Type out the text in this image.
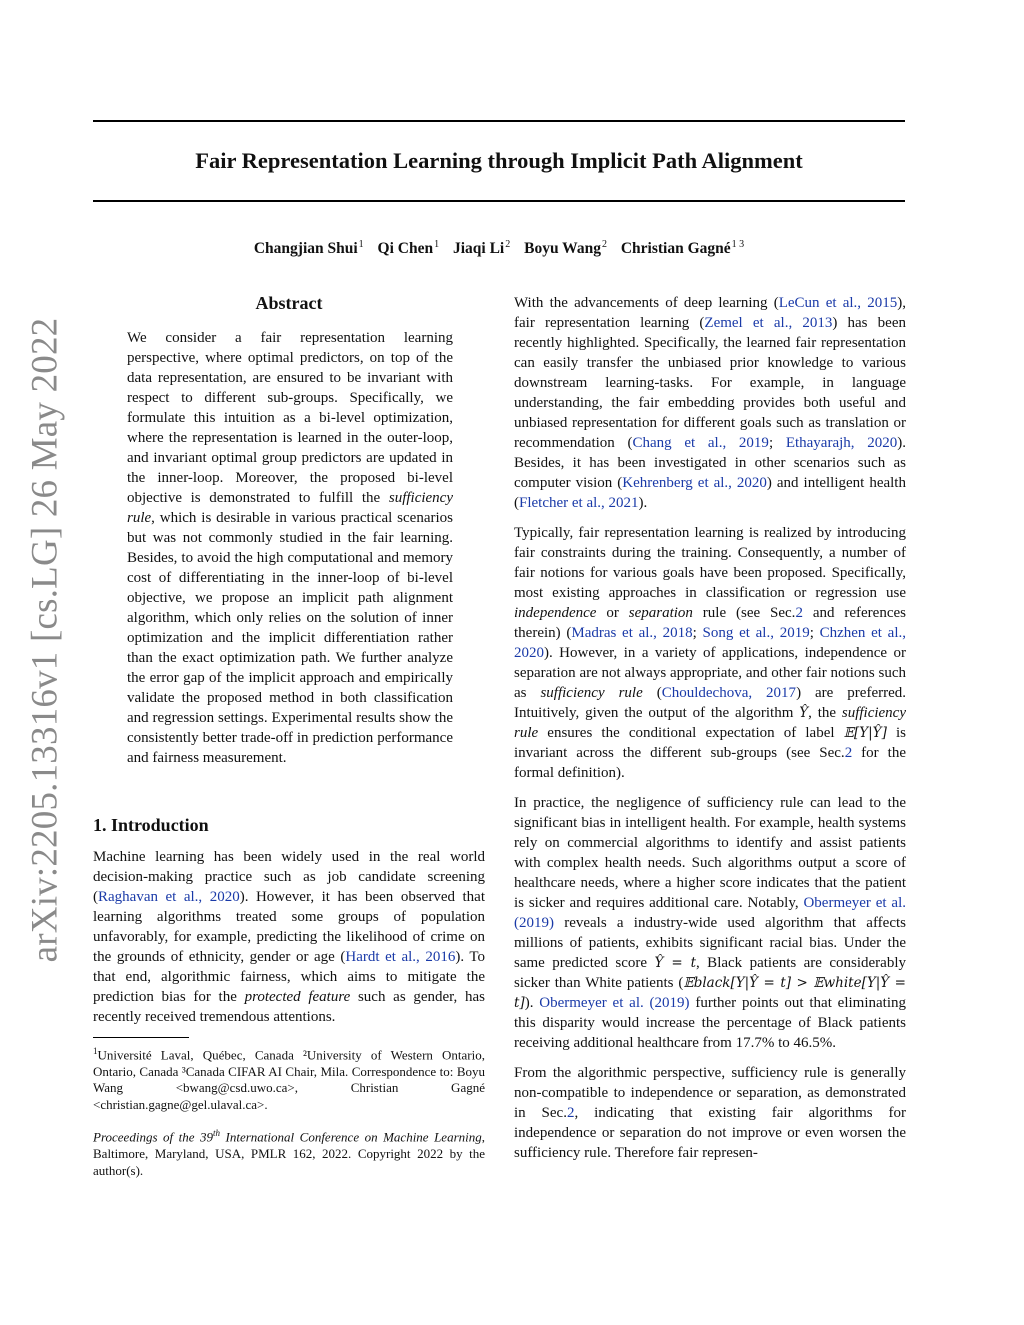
Fair Representation Learning through Implicit Path Alignment
Changjian Shui$^1$ Qi Chen$^1$ Jiaqi Li$^2$ Boyu Wang$^2$ Christian Gagné$^{1 3}$
arXiv:2205.13316v1 [cs.LG] 26 May 2022
Abstract

We consider a fair representation learning perspective, where optimal predictors, on top of the data representation, are ensured to be invariant with respect to different sub-groups. Specifically, we formulate this intuition as a bi-level optimization, where the representation is learned in the outer-loop, and invariant optimal group predictors are updated in the inner-loop. Moreover, the proposed bi-level objective is demonstrated to fulfill the sufficiency rule, which is desirable in various practical scenarios but was not commonly studied in the fair learning. Besides, to avoid the high computational and memory cost of differentiating in the inner-loop of bi-level objective, we propose an implicit path alignment algorithm, which only relies on the solution of inner optimization and the implicit differentiation rather than the exact optimization path. We further analyze the error gap of the implicit approach and empirically validate the proposed method in both classification and regression settings. Experimental results show the consistently better trade-off in prediction performance and fairness measurement.

1. Introduction

Machine learning has been widely used in the real world decision-making practice such as job candidate screening (Raghavan et al., 2020). However, it has been observed that learning algorithms treated some groups of population unfavorably, for example, predicting the likelihood of crime on the grounds of ethnicity, gender or age (Hardt et al., 2016). To that end, algorithmic fairness, which aims to mitigate the prediction bias for the protected feature such as gender, has recently received tremendous attentions.

$^1$Université Laval, Québec, Canada ²University of Western Ontario, Ontario, Canada ³Canada CIFAR AI Chair, Mila. Correspondence to: Boyu Wang <bwang@csd.uwo.ca>, Christian Gagné <christian.gagne@gel.ulaval.ca>.

Proceedings of the 39th International Conference on Machine Learning, Baltimore, Maryland, USA, PMLR 162, 2022. Copyright 2022 by the author(s).

With the advancements of deep learning (LeCun et al., 2015), fair representation learning (Zemel et al., 2013) has been recently highlighted. Specifically, the learned fair representation can easily transfer the unbiased prior knowledge to various downstream learning-tasks. For example, in language understanding, the fair embedding provides both useful and unbiased representation for different goals such as translation or recommendation (Chang et al., 2019; Ethayarajh, 2020). Besides, it has been investigated in other scenarios such as computer vision (Kehrenberg et al., 2020) and intelligent health (Fletcher et al., 2021).

Typically, fair representation learning is realized by introducing fair constraints during the training. Consequently, a number of fair notions for various goals have been proposed. Specifically, most existing approaches in classification or regression use independence or separation rule (see Sec.2 and references therein) (Madras et al., 2018; Song et al., 2019; Chzhen et al., 2020). However, in a variety of applications, independence or separation are not always appropriate, and other fair notions such as sufficiency rule (Chouldechova, 2017) are preferred. Intuitively, given the output of the algorithm Ŷ, the sufficiency rule ensures the conditional expectation of label 𝔼[Y|Ŷ] is invariant across the different sub-groups (see Sec.2 for the formal definition).

In practice, the negligence of sufficiency rule can lead to the significant bias in intelligent health. For example, health systems rely on commercial algorithms to identify and assist patients with complex health needs. Such algorithms output a score of healthcare needs, where a higher score indicates that the patient is sicker and requires additional care. Notably, Obermeyer et al. (2019) reveals a industry-wide used algorithm that affects millions of patients, exhibits significant racial bias. Under the same predicted score Ŷ = t, Black patients are considerably sicker than White patients (𝔼black[Y|Ŷ = t] > 𝔼white[Y|Ŷ = t]). Obermeyer et al. (2019) further points out that eliminating this disparity would increase the percentage of Black patients receiving additional healthcare from 17.7% to 46.5%.

From the algorithmic perspective, sufficiency rule is generally non-compatible to independence or separation, as demonstrated in Sec.2, indicating that existing fair algorithms for independence or separation do not improve or even worsen the sufficiency rule. Therefore fair represen-
